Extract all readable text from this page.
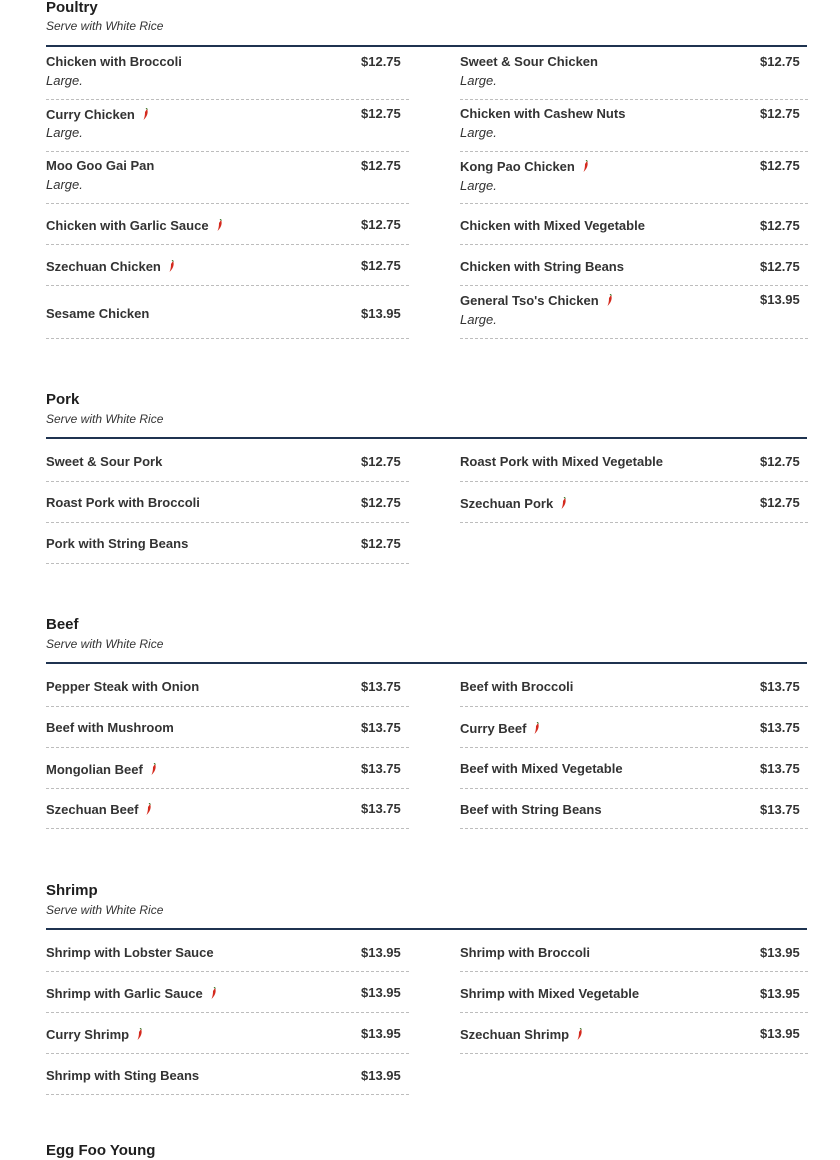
Poultry
Serve with White Rice
Chicken with Broccoli
Large.
$12.75
Curry Chicken
Large.
$12.75
Moo Goo Gai Pan
Large.
$12.75
Chicken with Garlic Sauce	$12.75
Szechuan Chicken	$12.75
Sesame Chicken	$13.95
Sweet & Sour Chicken
Large.
$12.75
Chicken with Cashew Nuts
Large.
$12.75
Kong Pao Chicken
Large.
$12.75
Chicken with Mixed Vegetable	$12.75
Chicken with String Beans	$12.75
General Tso's Chicken
Large.
$13.95
Pork
Serve with White Rice
Sweet & Sour Pork	$12.75
Roast Pork with Broccoli	$12.75
Pork with String Beans	$12.75
Roast Pork with Mixed Vegetable	$12.75
Szechuan Pork	$12.75
Beef
Serve with White Rice
Pepper Steak with Onion	$13.75
Beef with Mushroom	$13.75
Mongolian Beef	$13.75
Szechuan Beef	$13.75
Beef with Broccoli	$13.75
Curry Beef	$13.75
Beef with Mixed Vegetable	$13.75
Beef with String Beans	$13.75
Shrimp
Serve with White Rice
Shrimp with Lobster Sauce	$13.95
Shrimp with Garlic Sauce	$13.95
Curry Shrimp	$13.95
Shrimp with Sting Beans	$13.95
Shrimp with Broccoli	$13.95
Shrimp with Mixed Vegetable	$13.95
Szechuan Shrimp	$13.95
Egg Foo Young
